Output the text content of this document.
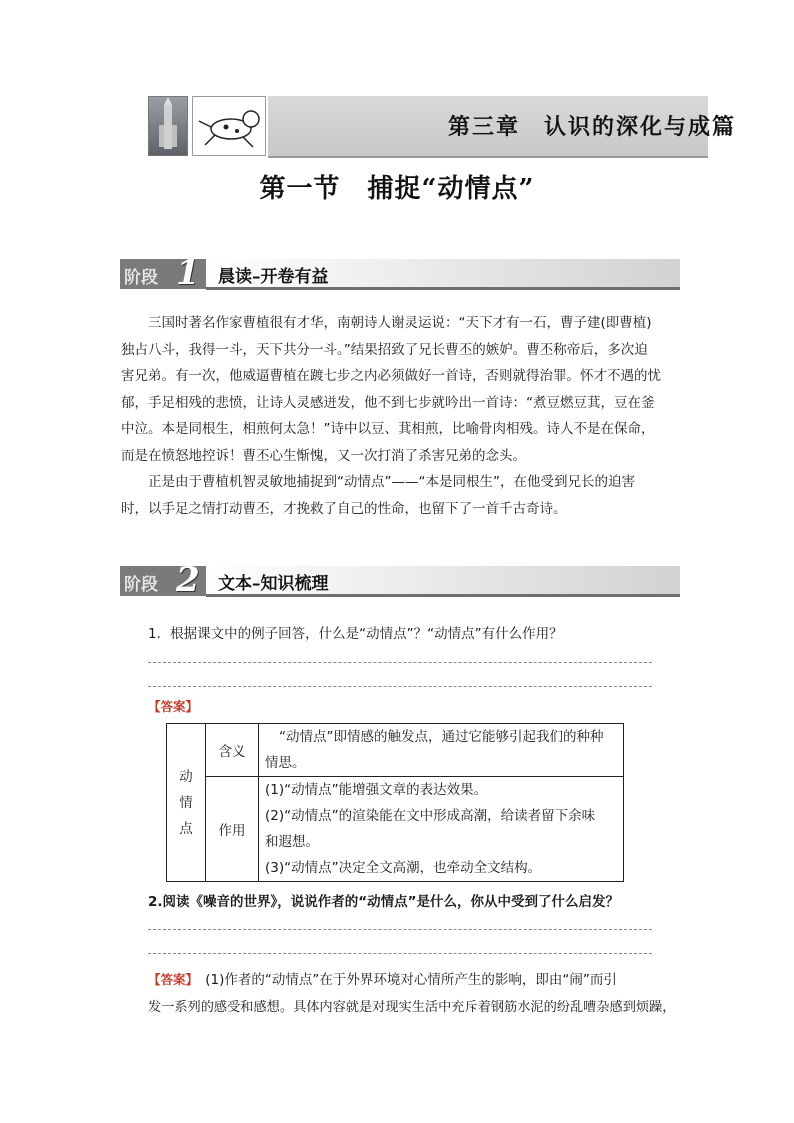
第三章　认识的深化与成篇
第一节　捕捉“动情点”
阶段 1 晨读–开卷有益

三国时著名作家曹植很有才华，南朝诗人谢灵运说：“天下才有一石，曹子建(即曹植)

独占八斗，我得一斗，天下共分一斗。”结果招致了兄长曹丕的嫉妒。曹丕称帝后，多次迫

害兄弟。有一次，他威逼曹植在踱七步之内必须做好一首诗，否则就得治罪。怀才不遇的忧

郁，手足相残的悲愤，让诗人灵感迸发，他不到七步就吟出一首诗：“煮豆燃豆萁，豆在釜

中泣。本是同根生，相煎何太急！”诗中以豆、萁相煎，比喻骨肉相残。诗人不是在保命，

而是在愤怒地控诉！曹丕心生惭愧，又一次打消了杀害兄弟的念头。

正是由于曹植机智灵敏地捕捉到“动情点”——“本是同根生”，在他受到兄长的迫害

时，以手足之情打动曹丕，才挽救了自己的性命，也留下了一首千古奇诗。

阶段 2 文本–知识梳理
1．根据课文中的例子回答，什么是“动情点”？“动情点”有什么作用？
【答案】
动情点	含义	“动情点”即情感的触发点，通过它能够引起我们的种种
情思。

	作用	(1)“动情点”能增强文章的表达效果。
(2)“动情点”的渲染能在文中形成高潮，给读者留下余味
和遐想。
(3)“动情点”决定全文高潮，也牵动全文结构。
2.阅读《噪音的世界》，说说作者的“动情点”是什么，你从中受到了什么启发？
【答案】　(1)作者的“动情点”在于外界环境对心情所产生的影响，即由“闹”而引
发一系列的感受和感想。具体内容就是对现实生活中充斥着钢筋水泥的纷乱嘈杂感到烦躁，
